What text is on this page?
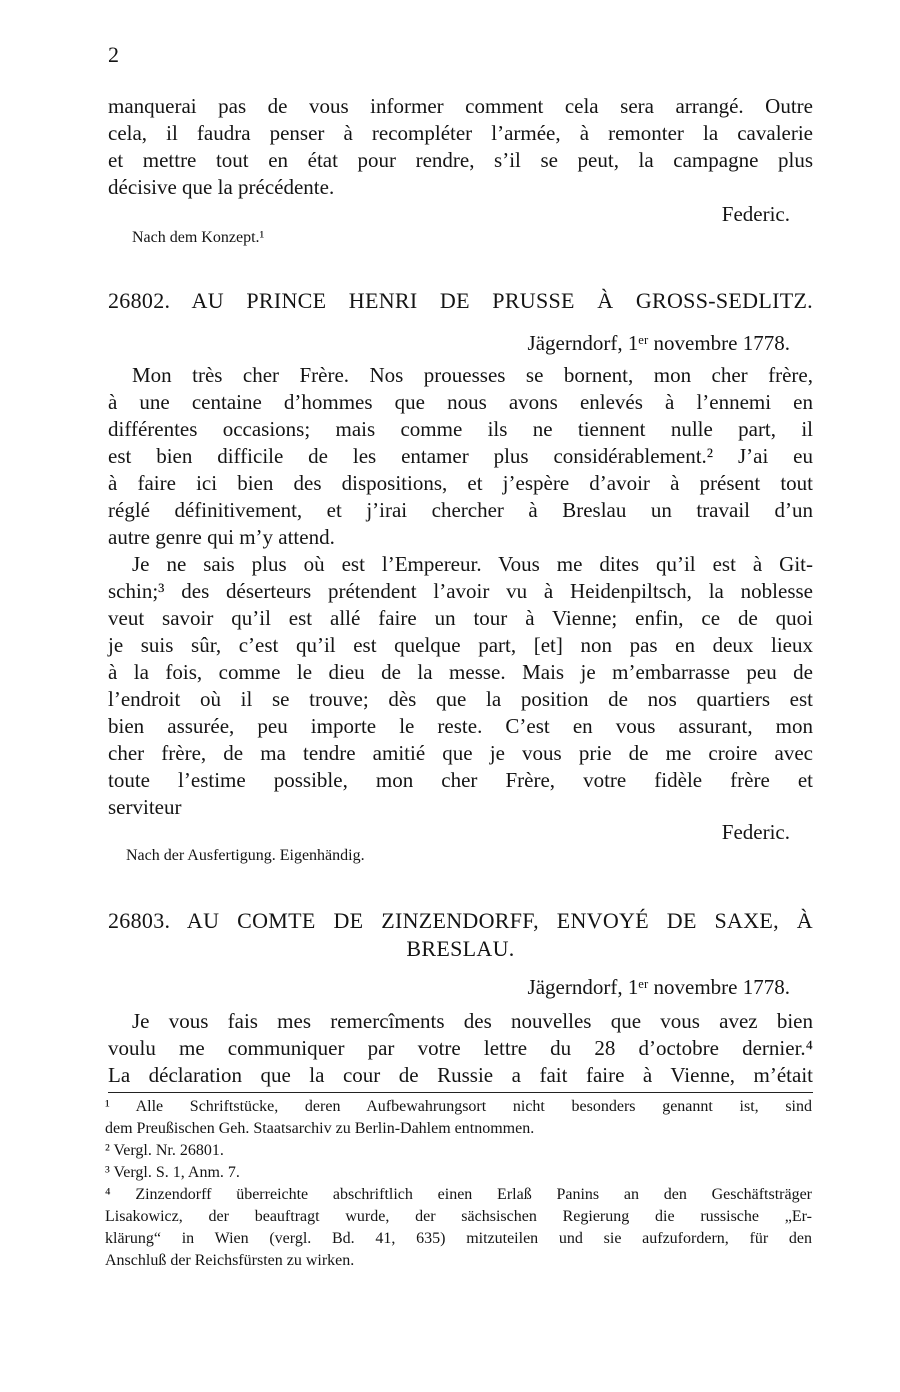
2
manquerai pas de vous informer comment cela sera arrangé. Outre
cela, il faudra penser à recompléter l’armée, à remonter la cavalerie
et mettre tout en état pour rendre, s’il se peut, la campagne plus
décisive que la précédente.
Federic.
Nach dem Konzept.¹
26802. AU PRINCE HENRI DE PRUSSE À GROSS-SEDLITZ.
Jägerndorf, 1ᵉʳ novembre 1778.
Mon très cher Frère. Nos prouesses se bornent, mon cher frère,
à une centaine d’hommes que nous avons enlevés à l’ennemi en
différentes occasions; mais comme ils ne tiennent nulle part, il
est bien difficile de les entamer plus considérablement.² J’ai eu
à faire ici bien des dispositions, et j’espère d’avoir à présent tout
réglé définitivement, et j’irai chercher à Breslau un travail d’un
autre genre qui m’y attend.
Je ne sais plus où est l’Empereur. Vous me dites qu’il est à Git-
schin;³ des déserteurs prétendent l’avoir vu à Heidenpiltsch, la noblesse
veut savoir qu’il est allé faire un tour à Vienne; enfin, ce de quoi
je suis sûr, c’est qu’il est quelque part, [et] non pas en deux lieux
à la fois, comme le dieu de la messe. Mais je m’embarrasse peu de
l’endroit où il se trouve; dès que la position de nos quartiers est
bien assurée, peu importe le reste. C’est en vous assurant, mon
cher frère, de ma tendre amitié que je vous prie de me croire avec
toute l’estime possible, mon cher Frère, votre fidèle frère et
serviteur
Federic.
Nach der Ausfertigung. Eigenhändig.
26803. AU COMTE DE ZINZENDORFF, ENVOYÉ DE SAXE, À
BRESLAU.
Jägerndorf, 1ᵉʳ novembre 1778.
Je vous fais mes remercîments des nouvelles que vous avez bien
voulu me communiquer par votre lettre du 28 d’octobre dernier.⁴
La déclaration que la cour de Russie a fait faire à Vienne, m’était
¹ Alle Schriftstücke, deren Aufbewahrungsort nicht besonders genannt ist, sind
dem Preußischen Geh. Staatsarchiv zu Berlin-Dahlem entnommen.
² Vergl. Nr. 26801.
³ Vergl. S. 1, Anm. 7.
⁴ Zinzendorff überreichte abschriftlich einen Erlaß Panins an den Geschäftsträger
Lisakowicz, der beauftragt wurde, der sächsischen Regierung die russische „Er-
klärung“ in Wien (vergl. Bd. 41, 635) mitzuteilen und sie aufzufordern, für den
Anschluß der Reichsfürsten zu wirken.
